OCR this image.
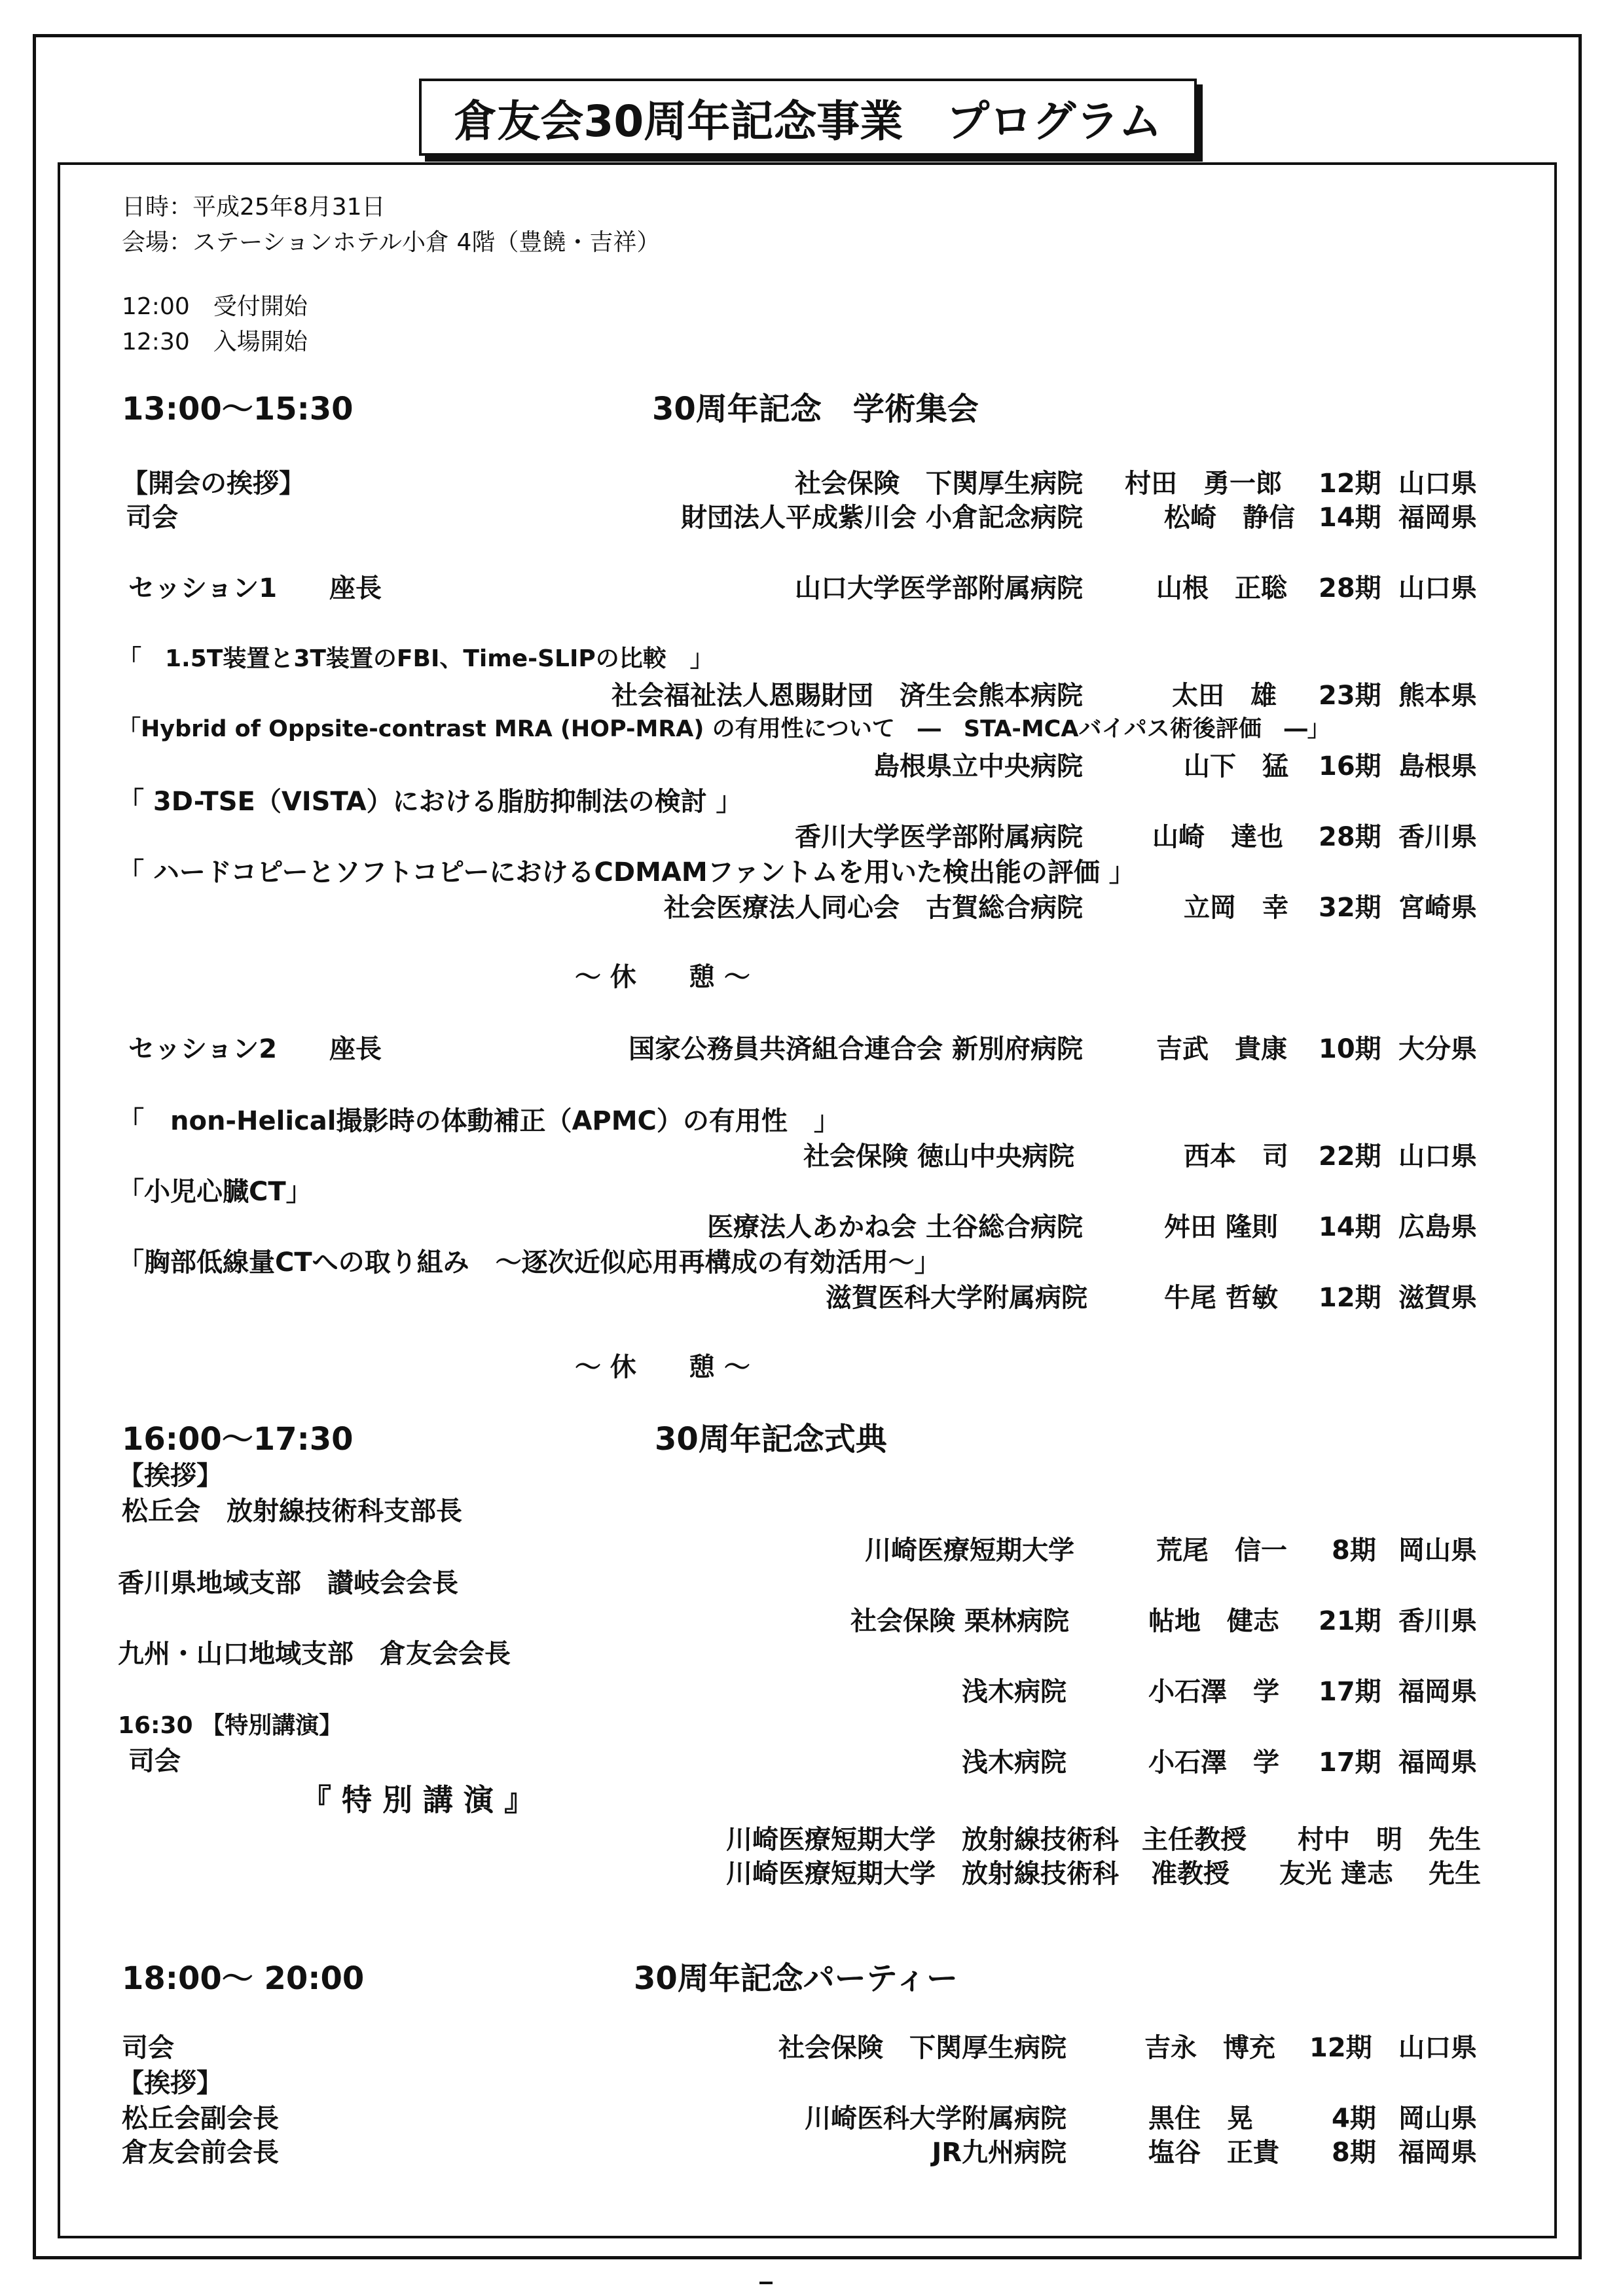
倉友会30周年記念事業　プログラム
日時：平成25年8月31日
会場：ステーションホテル小倉 4階（豊饒・吉祥）
12:00　受付開始
12:30　入場開始
13:00〜15:30	30周年記念　学術集会
【開会の挨拶】	社会保険　下関厚生病院 村田　勇一郎 12期 山口県
司会	財団法人平成紫川会 小倉記念病院	松崎　静信 14期 福岡県
セッション1　　座長	山口大学医学部附属病院	山根　正聡 28期 山口県
「　1.5T装置と3T装置のFBI、Time-SLIPの比較　」
社会福祉法人恩賜財団　済生会熊本病院	太田　雄 23期 熊本県
「Hybrid of Oppsite-contrast MRA (HOP-MRA) の有用性について　―　STA-MCAバイパス術後評価　―」
島根県立中央病院	山下　猛 16期 島根県
「 3D-TSE（VISTA）における脂肪抑制法の検討 」
香川大学医学部附属病院	山崎　達也 28期 香川県
「 ハードコピーとソフトコピーにおけるCDMAMファントムを用いた検出能の評価 」
社会医療法人同心会　古賀総合病院	立岡　幸 32期 宮崎県
〜 休　　憩 〜
セッション2　　座長	国家公務員共済組合連合会 新別府病院	吉武　貴康 10期 大分県
「　non-Helical撮影時の体動補正（APMC）の有用性　」
社会保険 徳山中央病院	西本　司 22期 山口県
「小児心臓CT」
医療法人あかね会 土谷総合病院	舛田 隆則 14期 広島県
「胸部低線量CTへの取り組み　〜逐次近似応用再構成の有効活用〜」
滋賀医科大学附属病院	牛尾 哲敏 12期 滋賀県
〜 休　　憩 〜
16:00〜17:30	30周年記念式典
【挨拶】
松丘会　放射線技術科支部長
川崎医療短期大学	荒尾　信一 8期 岡山県
香川県地域支部　讃岐会会長
社会保険 栗林病院	帖地　健志 21期 香川県
九州・山口地域支部　倉友会会長
浅木病院	小石澤　学 17期 福岡県
16:30 【特別講演】
司会	浅木病院	小石澤　学 17期 福岡県
『 特 別 講 演 』
川崎医療短期大学　放射線技術科 主任教授 村中　明 先生
川崎医療短期大学　放射線技術科 准教授 友光 達志 先生
18:00〜 20:00	30周年記念パーティー
司会	社会保険　下関厚生病院	吉永　博充 12期 山口県
【挨拶】
松丘会副会長	川崎医科大学附属病院	黒住　晃	4期 岡山県
倉友会前会長	JR九州病院	塩谷　正貴 8期 福岡県
